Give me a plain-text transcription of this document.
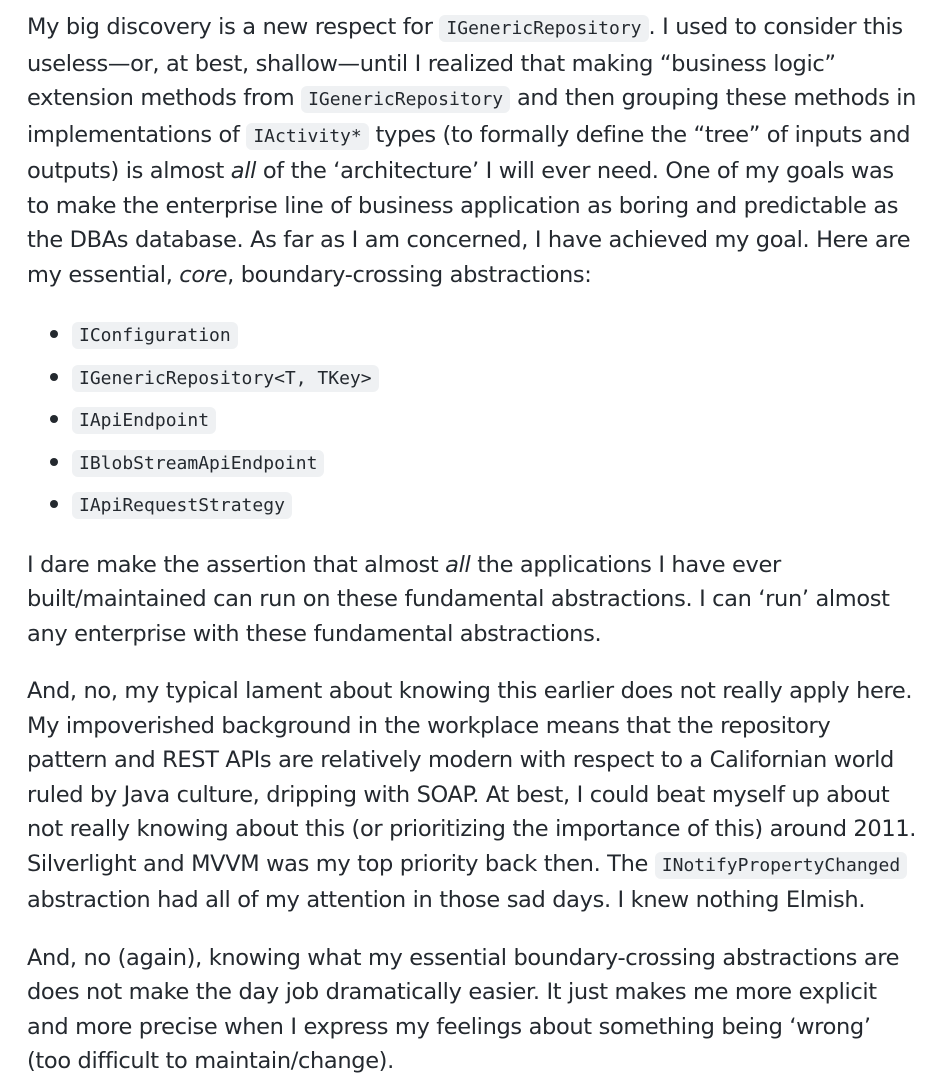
My big discovery is a new respect for IGenericRepository . I used to consider this useless—or, at best, shallow—until I realized that making “business logic” extension methods from IGenericRepository and then grouping these methods in implementations of IActivity* types (to formally define the “tree” of inputs and outputs) is almost all of the ‘architecture’ I will ever need. One of my goals was to make the enterprise line of business application as boring and predictable as the DBAs database. As far as I am concerned, I have achieved my goal. Here are my essential, core, boundary-crossing abstractions:

IConfiguration
IGenericRepository<T, TKey>
IApiEndpoint
IBlobStreamApiEndpoint
IApiRequestStrategy

I dare make the assertion that almost all the applications I have ever built/maintained can run on these fundamental abstractions. I can ‘run’ almost any enterprise with these fundamental abstractions.

And, no, my typical lament about knowing this earlier does not really apply here. My impoverished background in the workplace means that the repository pattern and REST APIs are relatively modern with respect to a Californian world ruled by Java culture, dripping with SOAP. At best, I could beat myself up about not really knowing about this (or prioritizing the importance of this) around 2011. Silverlight and MVVM was my top priority back then. The INotifyPropertyChanged abstraction had all of my attention in those sad days. I knew nothing Elmish.

And, no (again), knowing what my essential boundary-crossing abstractions are does not make the day job dramatically easier. It just makes me more explicit and more precise when I express my feelings about something being ‘wrong’ (too difficult to maintain/change).
